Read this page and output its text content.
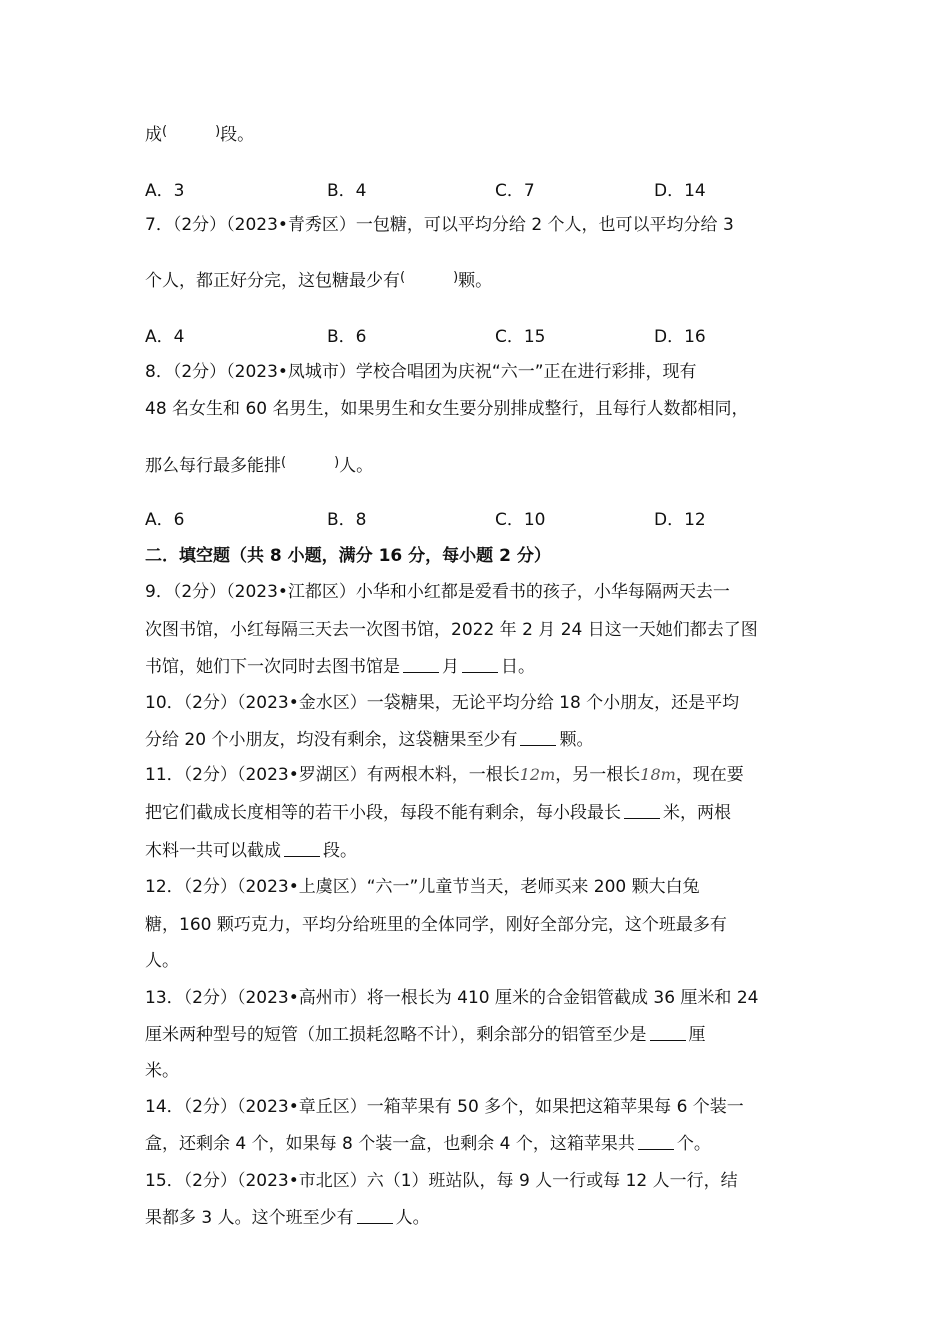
成(	)段。
A．3	B．4	C．7	D．14
7．（2分）（2023•青秀区）一包糖，可以平均分给 2 个人，也可以平均分给 3
个人，都正好分完，这包糖最少有(	)颗。
A．4	B．6	C．15	D．16
8．（2分）（2023•凤城市）学校合唱团为庆祝“六一”正在进行彩排，现有
48 名女生和 60 名男生，如果男生和女生要分别排成整行，且每行人数都相同，
那么每行最多能排(	)人。
A．6	B．8	C．10	D．12
二．填空题（共 8 小题，满分 16 分，每小题 2 分）
9．（2分）（2023•江都区）小华和小红都是爱看书的孩子，小华每隔两天去一
次图书馆，小红每隔三天去一次图书馆，2022 年 2 月 24 日这一天她们都去了图
书馆，她们下一次同时去图书馆是 月 日。
10．（2分）（2023•金水区）一袋糖果，无论平均分给 18 个小朋友，还是平均
分给 20 个小朋友，均没有剩余，这袋糖果至少有 颗。
11．（2分）（2023•罗湖区）有两根木料，一根长12m，另一根长18m，现在要
把它们截成长度相等的若干小段，每段不能有剩余，每小段最长 米，两根
木料一共可以截成 段。
12．（2分）（2023•上虞区）“六一”儿童节当天，老师买来 200 颗大白兔
糖，160 颗巧克力，平均分给班里的全体同学，刚好全部分完，这个班最多有
人。
13．（2分）（2023•高州市）将一根长为 410 厘米的合金铝管截成 36 厘米和 24
厘米两种型号的短管（加工损耗忽略不计），剩余部分的铝管至少是 厘
米。
14．（2分）（2023•章丘区）一箱苹果有 50 多个，如果把这箱苹果每 6 个装一
盒，还剩余 4 个，如果每 8 个装一盒，也剩余 4 个，这箱苹果共 个。
15．（2分）（2023•市北区）六（1）班站队，每 9 人一行或每 12 人一行，结
果都多 3 人。这个班至少有 人。
